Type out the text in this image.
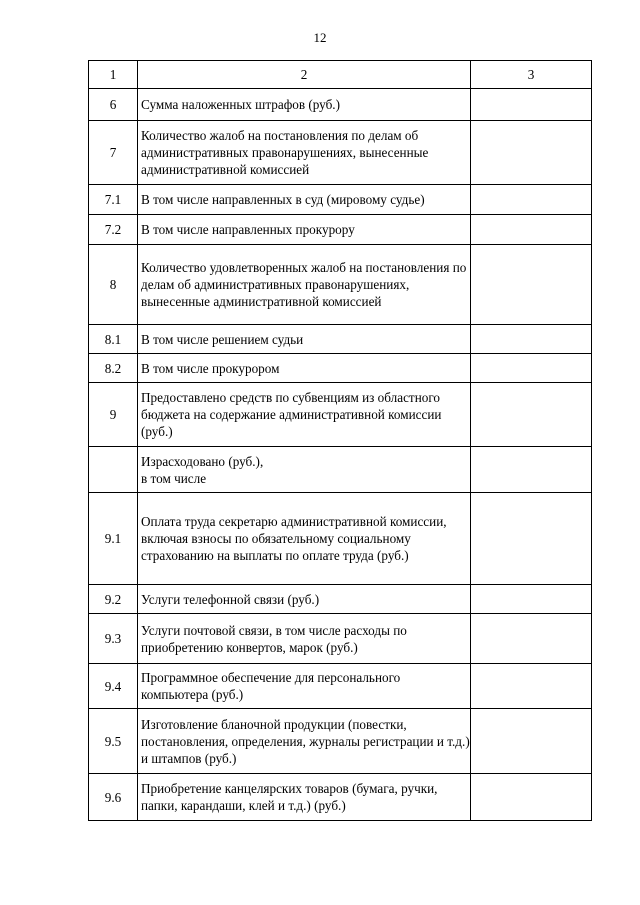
12
1	2	3
6	Сумма наложенных штрафов (руб.)	
7	Количество жалоб на постановления по делам об административных правонарушениях, вынесенные административной комиссией	
7.1	В том числе направленных в суд (мировому судье)	
7.2	В том числе направленных прокурору	
8	Количество удовлетворенных жалоб на постановления по делам об административных правонарушениях, вынесенные административной комиссией	
8.1	В том числе решением судьи	
8.2	В том числе прокурором	
9	Предоставлено средств по субвенциям из областного бюджета на содержание административной комиссии (руб.)	
	Израсходовано (руб.),
в том числе	
9.1	Оплата труда секретарю административной комиссии, включая взносы по обязательному социальному страхованию на выплаты по оплате труда (руб.)	
9.2	Услуги телефонной связи (руб.)	
9.3	Услуги почтовой связи, в том числе расходы по приобретению конвертов, марок (руб.)	
9.4	Программное обеспечение для персонального компьютера (руб.)	
9.5	Изготовление бланочной продукции (повестки, постановления, определения, журналы регистрации и т.д.) и штампов (руб.)	
9.6	Приобретение канцелярских товаров (бумага, ручки, папки, карандаши, клей и т.д.) (руб.)	
